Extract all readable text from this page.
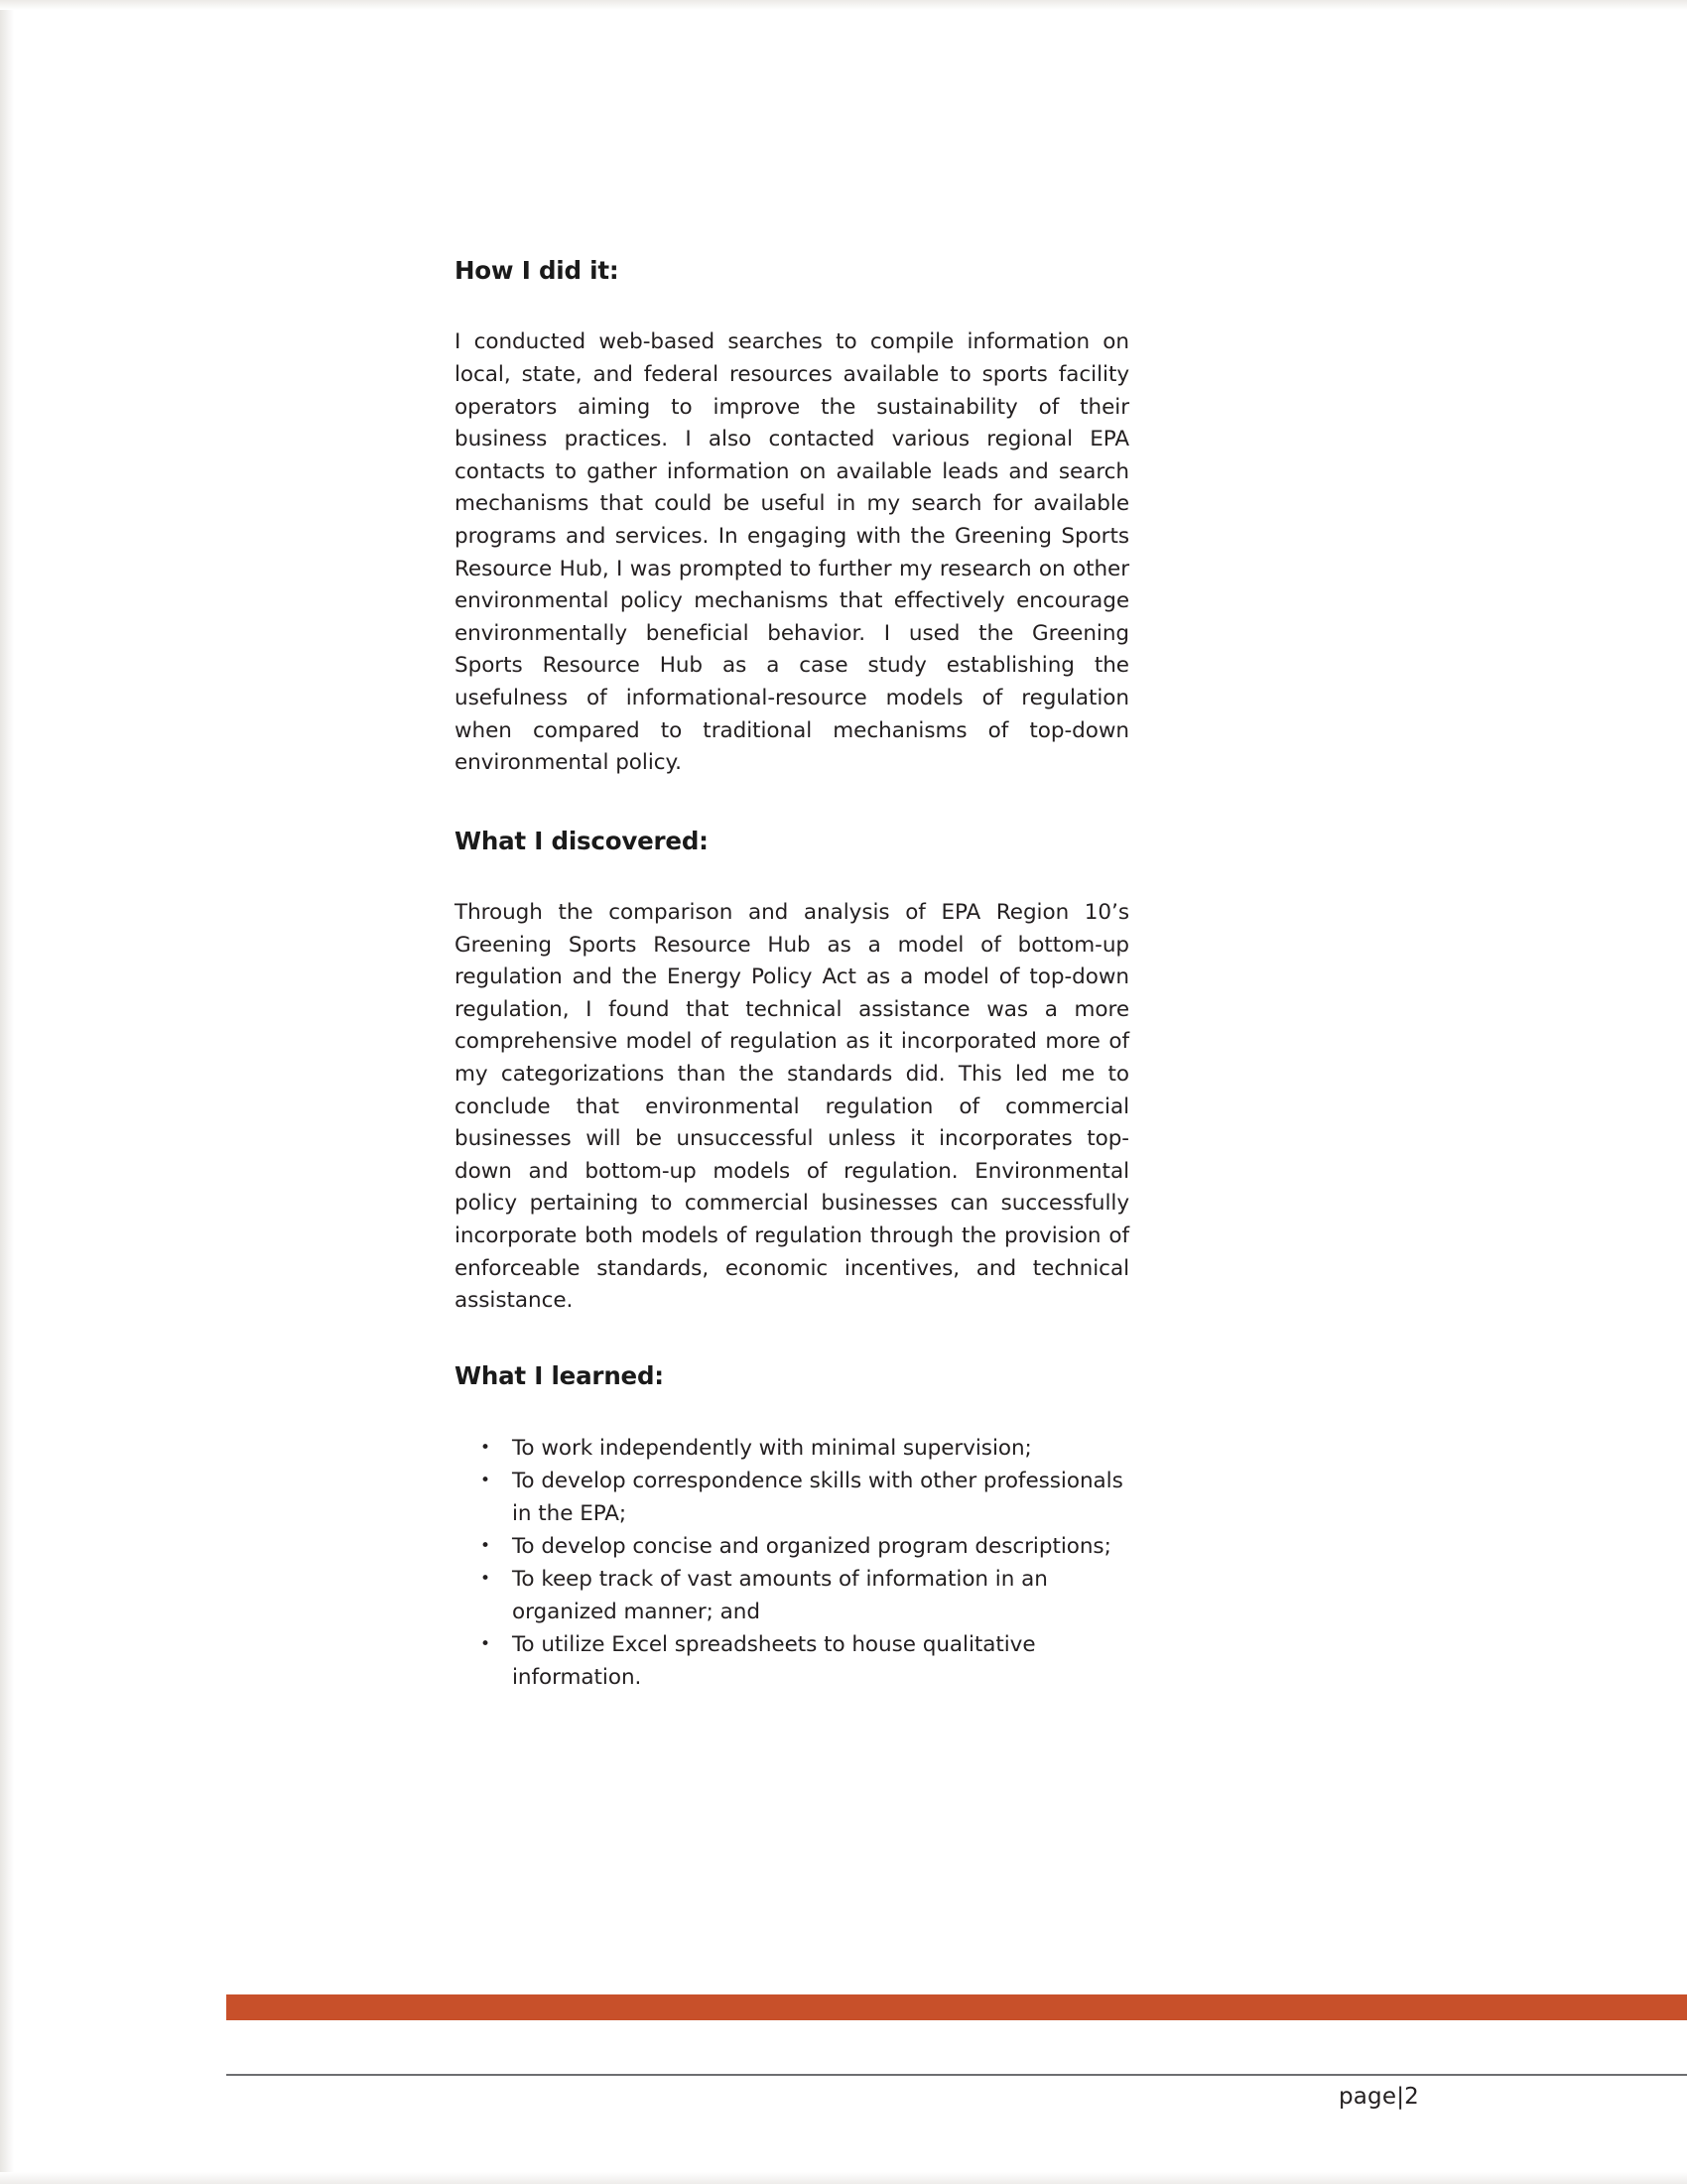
How I did it:

I conducted web-based searches to compile information on local, state, and federal resources available to sports facility operators aiming to improve the sustainability of their business practices. I also contacted various regional EPA contacts to gather information on available leads and search mechanisms that could be useful in my search for available programs and services. In engaging with the Greening Sports Resource Hub, I was prompted to further my research on other environmental policy mechanisms that effectively encourage environmentally beneficial behavior. I used the Greening Sports Resource Hub as a case study establishing the usefulness of informational-resource models of regulation when compared to traditional mechanisms of top-down environmental policy.

What I discovered:

Through the comparison and analysis of EPA Region 10’s Greening Sports Resource Hub as a model of bottom-up regulation and the Energy Policy Act as a model of top-down regulation, I found that technical assistance was a more comprehensive model of regulation as it incorporated more of my categorizations than the standards did. This led me to conclude that environmental regulation of commercial businesses will be unsuccessful unless it incorporates top-down and bottom-up models of regulation. Environmental policy pertaining to commercial businesses can successfully incorporate both models of regulation through the provision of enforceable standards, economic incentives, and technical assistance.

What I learned:
• To work independently with minimal supervision;
• To develop correspondence skills with other professionals in the EPA;
• To develop concise and organized program descriptions;
• To keep track of vast amounts of information in an organized manner; and
• To utilize Excel spreadsheets to house qualitative information.
page|2
